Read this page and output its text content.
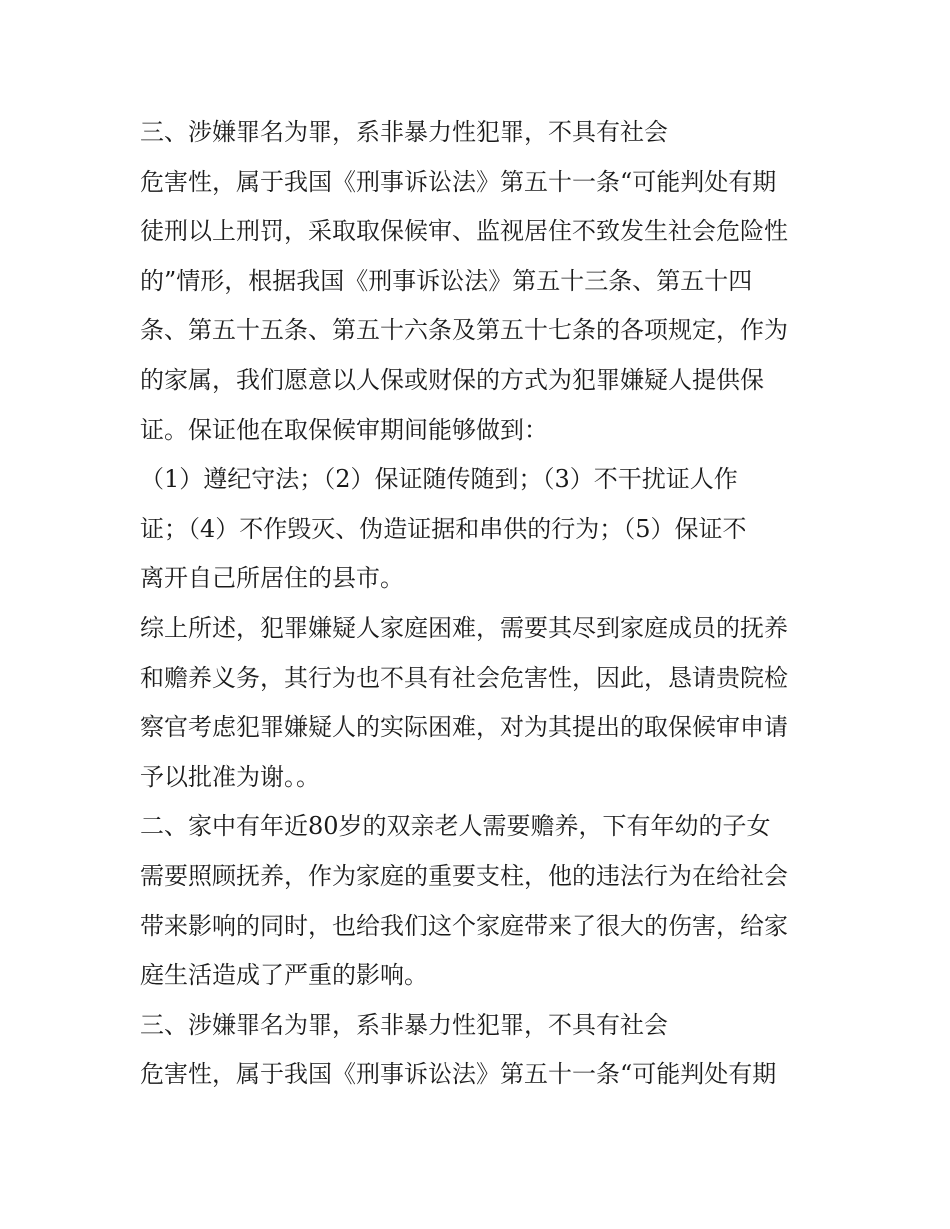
三、涉嫌罪名为罪，系非暴力性犯罪，不具有社会
危害性，属于我国《刑事诉讼法》第五十一条“可能判处有期
徒刑以上刑罚，采取取保候审、监视居住不致发生社会危险性
的”情形，根据我国《刑事诉讼法》第五十三条、第五十四
条、第五十五条、第五十六条及第五十七条的各项规定，作为
的家属，我们愿意以人保或财保的方式为犯罪嫌疑人提供保
证。保证他在取保候审期间能够做到：
（1）遵纪守法；（2）保证随传随到；（3）不干扰证人作
证；（4）不作毁灭、伪造证据和串供的行为；（5）保证不
离开自己所居住的县市。
综上所述，犯罪嫌疑人家庭困难，需要其尽到家庭成员的抚养
和赡养义务，其行为也不具有社会危害性，因此，恳请贵院检
察官考虑犯罪嫌疑人的实际困难，对为其提出的取保候审申请
予以批准为谢。。
二、家中有年近80岁的双亲老人需要赡养，下有年幼的子女
需要照顾抚养，作为家庭的重要支柱，他的违法行为在给社会
带来影响的同时，也给我们这个家庭带来了很大的伤害，给家
庭生活造成了严重的影响。
三、涉嫌罪名为罪，系非暴力性犯罪，不具有社会
危害性，属于我国《刑事诉讼法》第五十一条“可能判处有期
